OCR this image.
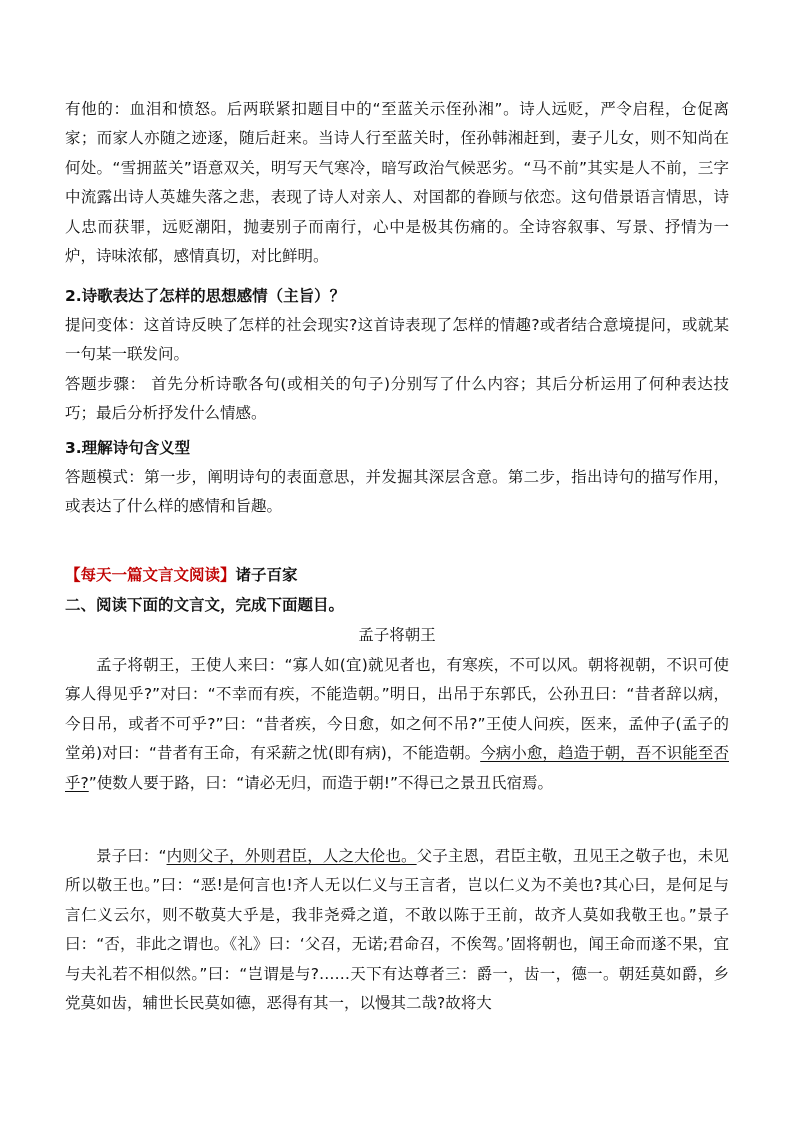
有他的：血泪和愤怒。后两联紧扣题目中的“至蓝关示侄孙湘”。诗人远贬，严令启程，仓促离家；而家人亦随之迹逐，随后赶来。当诗人行至蓝关时，侄孙韩湘赶到，妻子儿女，则不知尚在何处。“雪拥蓝关”语意双关，明写天气寒冷，暗写政治气候恶劣。“马不前”其实是人不前，三字中流露出诗人英雄失落之悲，表现了诗人对亲人、对国都的眷顾与依恋。这句借景语言情思，诗人忠而获罪，远贬潮阳，抛妻别子而南行，心中是极其伤痛的。全诗容叙事、写景、抒情为一炉，诗味浓郁，感情真切，对比鲜明。

2.诗歌表达了怎样的思想感情（主旨）？

提问变体：这首诗反映了怎样的社会现实?这首诗表现了怎样的情趣?或者结合意境提问，或就某一句某一联发问。

答题步骤： 首先分析诗歌各句(或相关的句子)分别写了什么内容；其后分析运用了何种表达技巧；最后分析抒发什么情感。

3.理解诗句含义型

答题模式：第一步，阐明诗句的表面意思，并发掘其深层含意。第二步，指出诗句的描写作用，或表达了什么样的感情和旨趣。

【每天一篇文言文阅读】诸子百家

二、阅读下面的文言文，完成下面题目。

孟子将朝王

孟子将朝王，王使人来曰：“寡人如(宜)就见者也，有寒疾，不可以风。朝将视朝，不识可使寡人得见乎?”对曰：“不幸而有疾，不能造朝。”明日，出吊于东郭氏，公孙丑曰：“昔者辞以病，今日吊，或者不可乎?”曰：“昔者疾，今日愈，如之何不吊?”王使人问疾，医来，孟仲子(孟子的堂弟)对曰：“昔者有王命，有采薪之忧(即有病)，不能造朝。今病小愈，趋造于朝，吾不识能至否乎?”使数人要于路，曰：“请必无归，而造于朝!”不得已之景丑氏宿焉。

景子曰：“内则父子，外则君臣，人之大伦也。父子主恩，君臣主敬，丑见王之敬子也，未见所以敬王也。”曰：“恶!是何言也!齐人无以仁义与王言者，岂以仁义为不美也?其心曰，是何足与言仁义云尔，则不敬莫大乎是，我非尧舜之道，不敢以陈于王前，故齐人莫如我敬王也。”景子曰：“否，非此之谓也。《礼》曰：‘父召，无诺;君命召，不俟驾。’固将朝也，闻王命而遂不果，宜与夫礼若不相似然。”曰：“岂谓是与?……天下有达尊者三：爵一，齿一，德一。朝廷莫如爵，乡党莫如齿，辅世长民莫如德，恶得有其一，以慢其二哉?故将大
